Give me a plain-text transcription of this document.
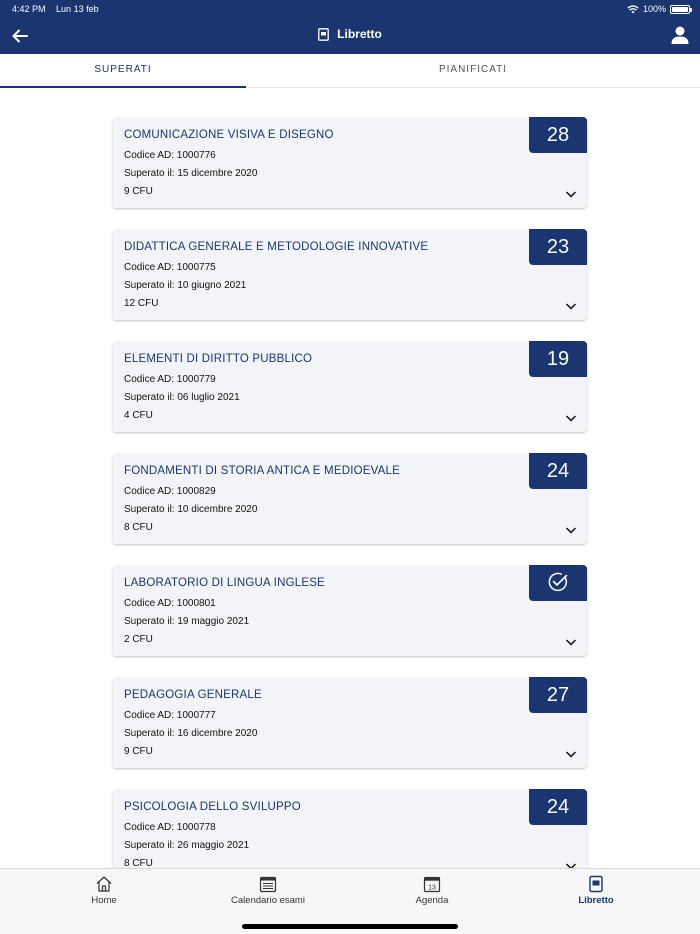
4:42 PM Lun 13 feb	100%
Libretto
SUPERATI	PIANIFICATI
COMUNICAZIONE VISIVA E DISEGNO
Codice AD: 1000776
Superato il: 15 dicembre 2020
9 CFU
28
DIDATTICA GENERALE E METODOLOGIE INNOVATIVE
Codice AD: 1000775
Superato il: 10 giugno 2021
12 CFU
23
ELEMENTI DI DIRITTO PUBBLICO
Codice AD: 1000779
Superato il: 06 luglio 2021
4 CFU
19
FONDAMENTI DI STORIA ANTICA E MEDIOEVALE
Codice AD: 1000829
Superato il: 10 dicembre 2020
8 CFU
24
LABORATORIO DI LINGUA INGLESE
Codice AD: 1000801
Superato il: 19 maggio 2021
2 CFU
PEDAGOGIA GENERALE
Codice AD: 1000777
Superato il: 16 dicembre 2020
9 CFU
27
PSICOLOGIA DELLO SVILUPPO
Codice AD: 1000778
Superato il: 26 maggio 2021
8 CFU
24
Home	Calendario esami
13
Agenda	Libretto
